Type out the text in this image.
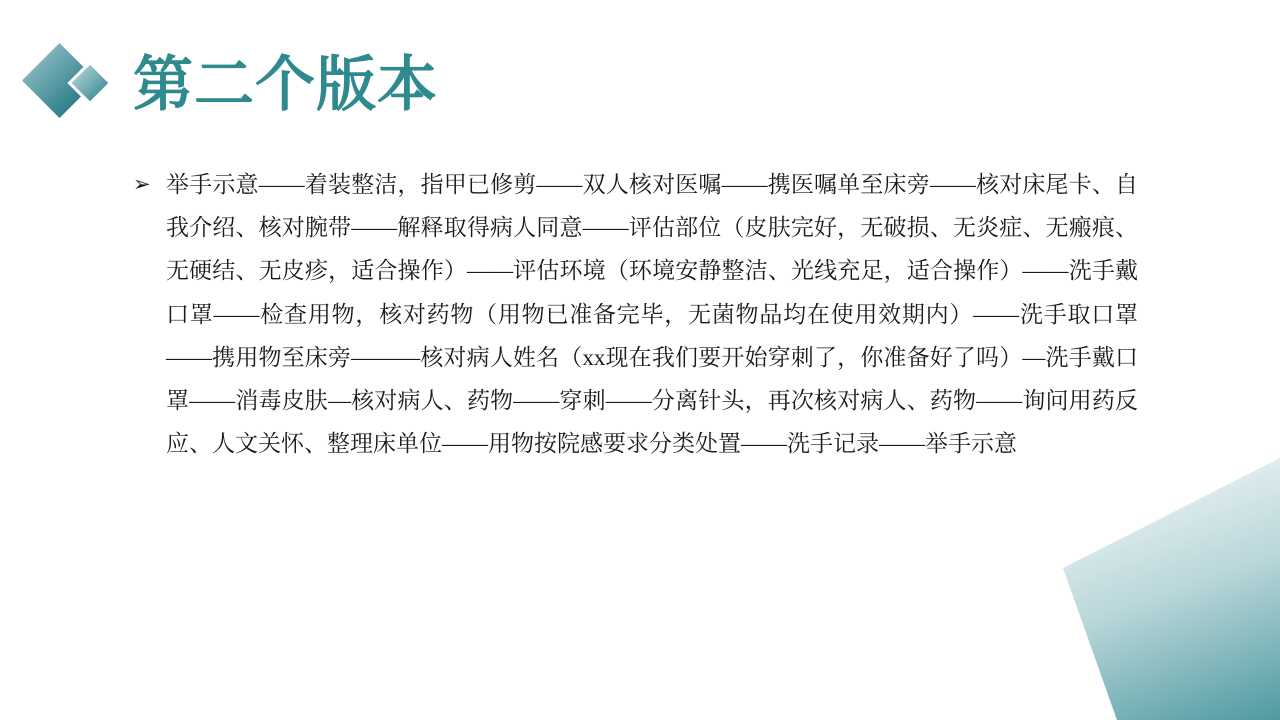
第二个版本
➢ 举手示意——着装整洁，指甲已修剪——双人核对医嘱——携医嘱单至床旁——核对床尾卡、自我介绍、核对腕带——解释取得病人同意——评估部位（皮肤完好，无破损、无炎症、无瘢痕、无硬结、无皮疹，适合操作）——评估环境（环境安静整洁、光线充足，适合操作）——洗手戴口罩——检查用物，核对药物（用物已准备完毕，无菌物品均在使用效期内）——洗手取口罩——携用物至床旁———核对病人姓名（xx现在我们要开始穿刺了，你准备好了吗）—洗手戴口罩——消毒皮肤—核对病人、药物——穿刺——分离针头，再次核对病人、药物——询问用药反应、人文关怀、整理床单位——用物按院感要求分类处置——洗手记录——举手示意
